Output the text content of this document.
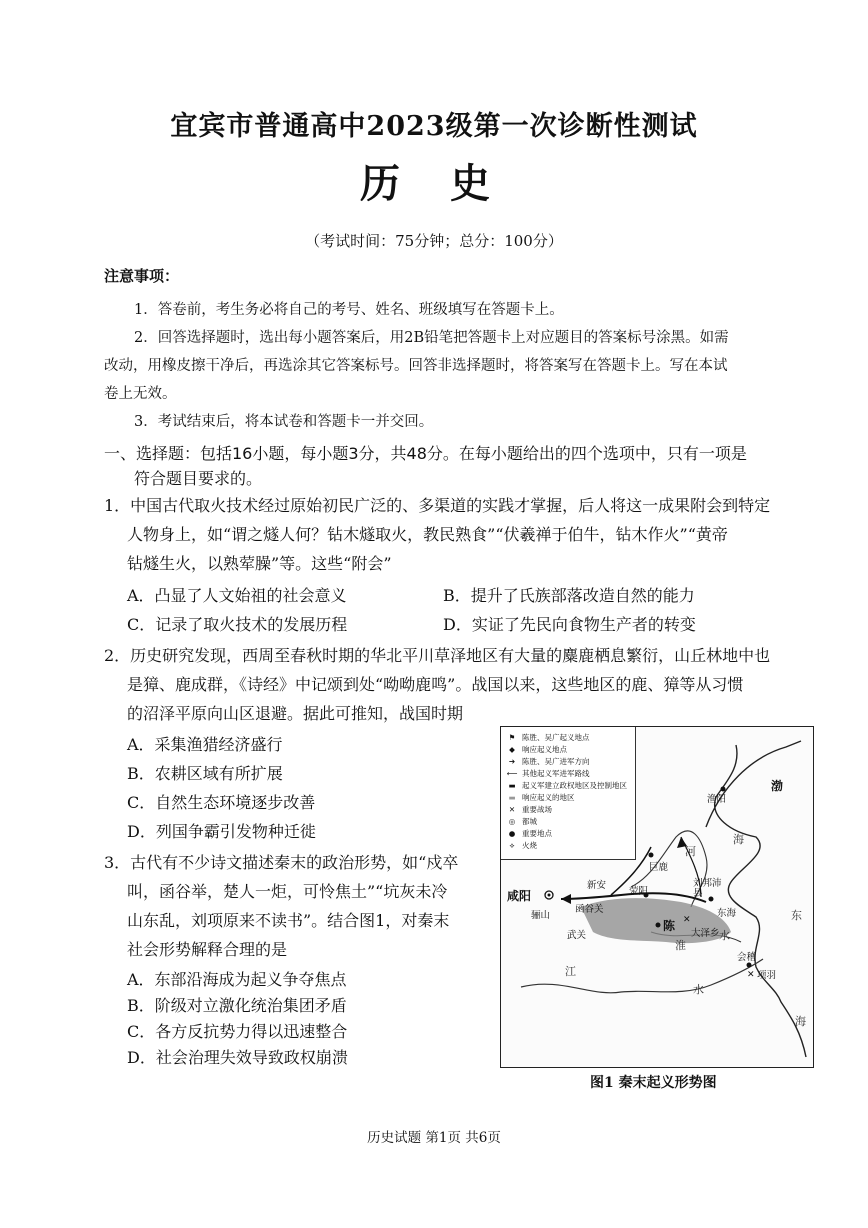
宜宾市普通高中2023级第一次诊断性测试
历 史
（考试时间：75分钟；总分：100分）
注意事项：
1．答卷前，考生务必将自己的考号、姓名、班级填写在答题卡上。
2．回答选择题时，选出每小题答案后，用2B铅笔把答题卡上对应题目的答案标号涂黑。如需
改动，用橡皮擦干净后，再选涂其它答案标号。回答非选择题时，将答案写在答题卡上。写在本试
卷上无效。
3．考试结束后，将本试卷和答题卡一并交回。
一、选择题：包括16小题，每小题3分，共48分。在每小题给出的四个选项中，只有一项是
符合题目要求的。
1．中国古代取火技术经过原始初民广泛的、多渠道的实践才掌握，后人将这一成果附会到特定
人物身上，如“谓之燧人何？钻木燧取火，教民熟食”“伏羲禅于伯牛，钻木作火”“黄帝
钻燧生火，以熟荤臊”等。这些“附会”
A．凸显了人文始祖的社会意义	B．提升了氏族部落改造自然的能力
C．记录了取火技术的发展历程	D．实证了先民向食物生产者的转变
2．历史研究发现，西周至春秋时期的华北平川草泽地区有大量的麋鹿栖息繁衍，山丘林地中也
是獐、鹿成群，《诗经》中记颂到处“呦呦鹿鸣”。战国以来，这些地区的鹿、獐等从习惯
的沼泽平原向山区退避。据此可推知，战国时期
A．采集渔猎经济盛行
B．农耕区域有所扩展
C．自然生态环境逐步改善
D．列国争霸引发物种迁徙
3．古代有不少诗文描述秦末的政治形势，如“戍卒
叫，函谷举，楚人一炬，可怜焦土”“坑灰未冷
山东乱，刘项原来不读书”。结合图1，对秦末
社会形势解释合理的是
A．东部沿海成为起义争夺焦点
B．阶级对立激化统治集团矛盾
C．各方反抗势力得以迅速整合
D．社会治理失效导致政权崩溃
✕
✕
⚑ 陈胜、吴广起义地点
◆ 响应起义地点
➔ 陈胜、吴广进军方向
⟵ 其他起义军进军路线
▬ 起义军建立政权地区及控制地区
▬ 响应起义的地区
✕ 重要战场
◎ 都城
● 重要地点
⟡ 火烧
渔阳
渤
海
巨鹿
河
咸阳
骊山
新安
函谷关
武关
荥阳
陈
刘邦沛县
东海
大泽乡 水
淮
江
水
会稽
项羽
东
海
图1 秦末起义形势图
历史试题 第1页 共6页
